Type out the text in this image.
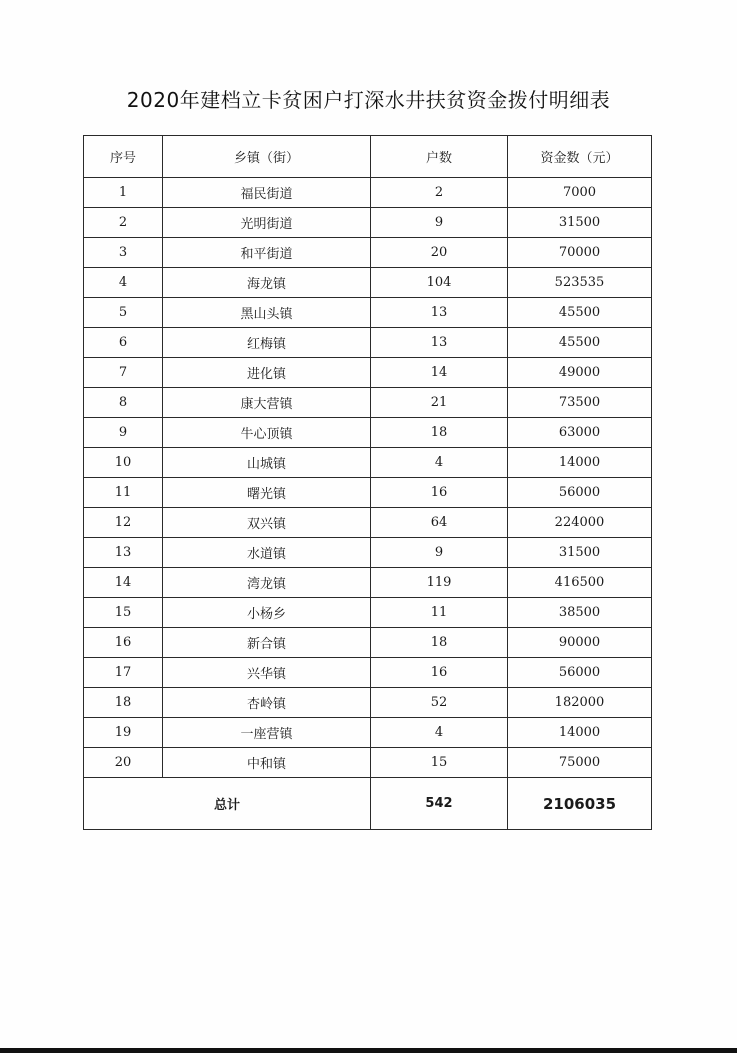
2020年建档立卡贫困户打深水井扶贫资金拨付明细表
序号	乡镇（街）	户数	资金数（元）
1	福民街道	2	7000
2	光明街道	9	31500
3	和平街道	20	70000
4	海龙镇	104	523535
5	黑山头镇	13	45500
6	红梅镇	13	45500
7	进化镇	14	49000
8	康大营镇	21	73500
9	牛心顶镇	18	63000
10	山城镇	4	14000
11	曙光镇	16	56000
12	双兴镇	64	224000
13	水道镇	9	31500
14	湾龙镇	119	416500
15	小杨乡	11	38500
16	新合镇	18	90000
17	兴华镇	16	56000
18	杏岭镇	52	182000
19	一座营镇	4	14000
20	中和镇	15	75000
总计		542	2106035
